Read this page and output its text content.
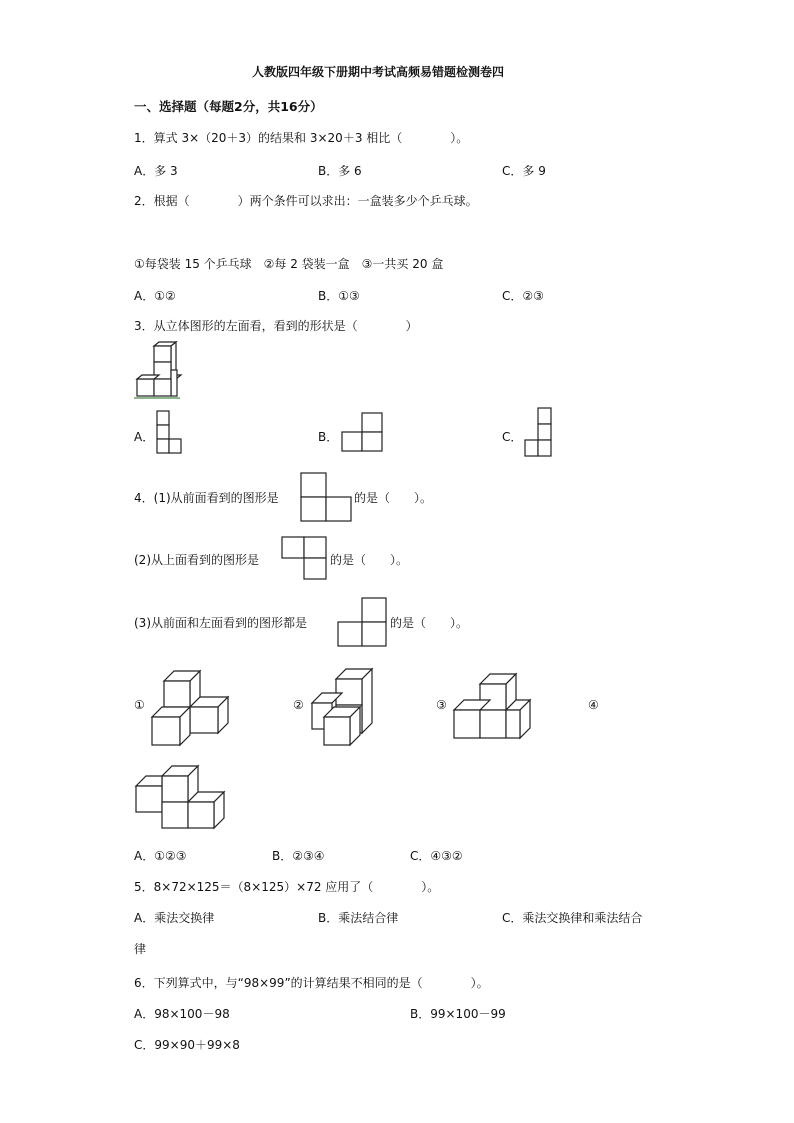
人教版四年级下册期中考试高频易错题检测卷四
一、选择题（每题2分，共16分）
1．算式 3×（20＋3）的结果和 3×20＋3 相比（　　　　）。
A．多 3	B．多 6	C．多 9
2．根据（　　　　）两个条件可以求出：一盒装多少个乒乓球。
①每袋装 15 个乒乓球　②每 2 袋装一盒　③一共买 20 盒
A．①②	B．①③	C．②③
3．从立体图形的左面看，看到的形状是（　　　　）
A．	B．	C．
4．(1)从前面看到的图形是	的是（　　）。
(2)从上面看到的图形是	的是（　　）。
(3)从前面和左面看到的图形都是	的是（　　）。
①	②	③	④
A．①②③	B．②③④	C．④③②
5．8×72×125＝（8×125）×72 应用了（　　　　）。
A．乘法交换律	B．乘法结合律	C．乘法交换律和乘法结合
律
6．下列算式中，与“98×99”的计算结果不相同的是（　　　　）。
A．98×100－98	B．99×100－99
C．99×90＋99×8
